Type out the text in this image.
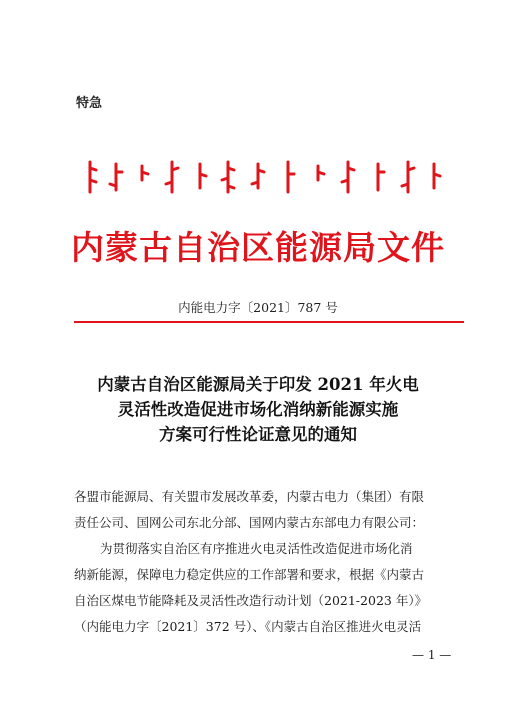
特急
内蒙古自治区能源局文件
内能电力字〔2021〕787 号
内蒙古自治区能源局关于印发 2021 年火电
灵活性改造促进市场化消纳新能源实施
方案可行性论证意见的通知

各盟市能源局、有关盟市发展改革委，内蒙古电力（集团）有限
责任公司、国网公司东北分部、国网内蒙古东部电力有限公司：

为贯彻落实自治区有序推进火电灵活性改造促进市场化消
纳新能源，保障电力稳定供应的工作部署和要求，根据《内蒙古
自治区煤电节能降耗及灵活性改造行动计划（2021-2023 年）》
（内能电力字〔2021〕372 号）、《内蒙古自治区推进火电灵活

— 1 —
